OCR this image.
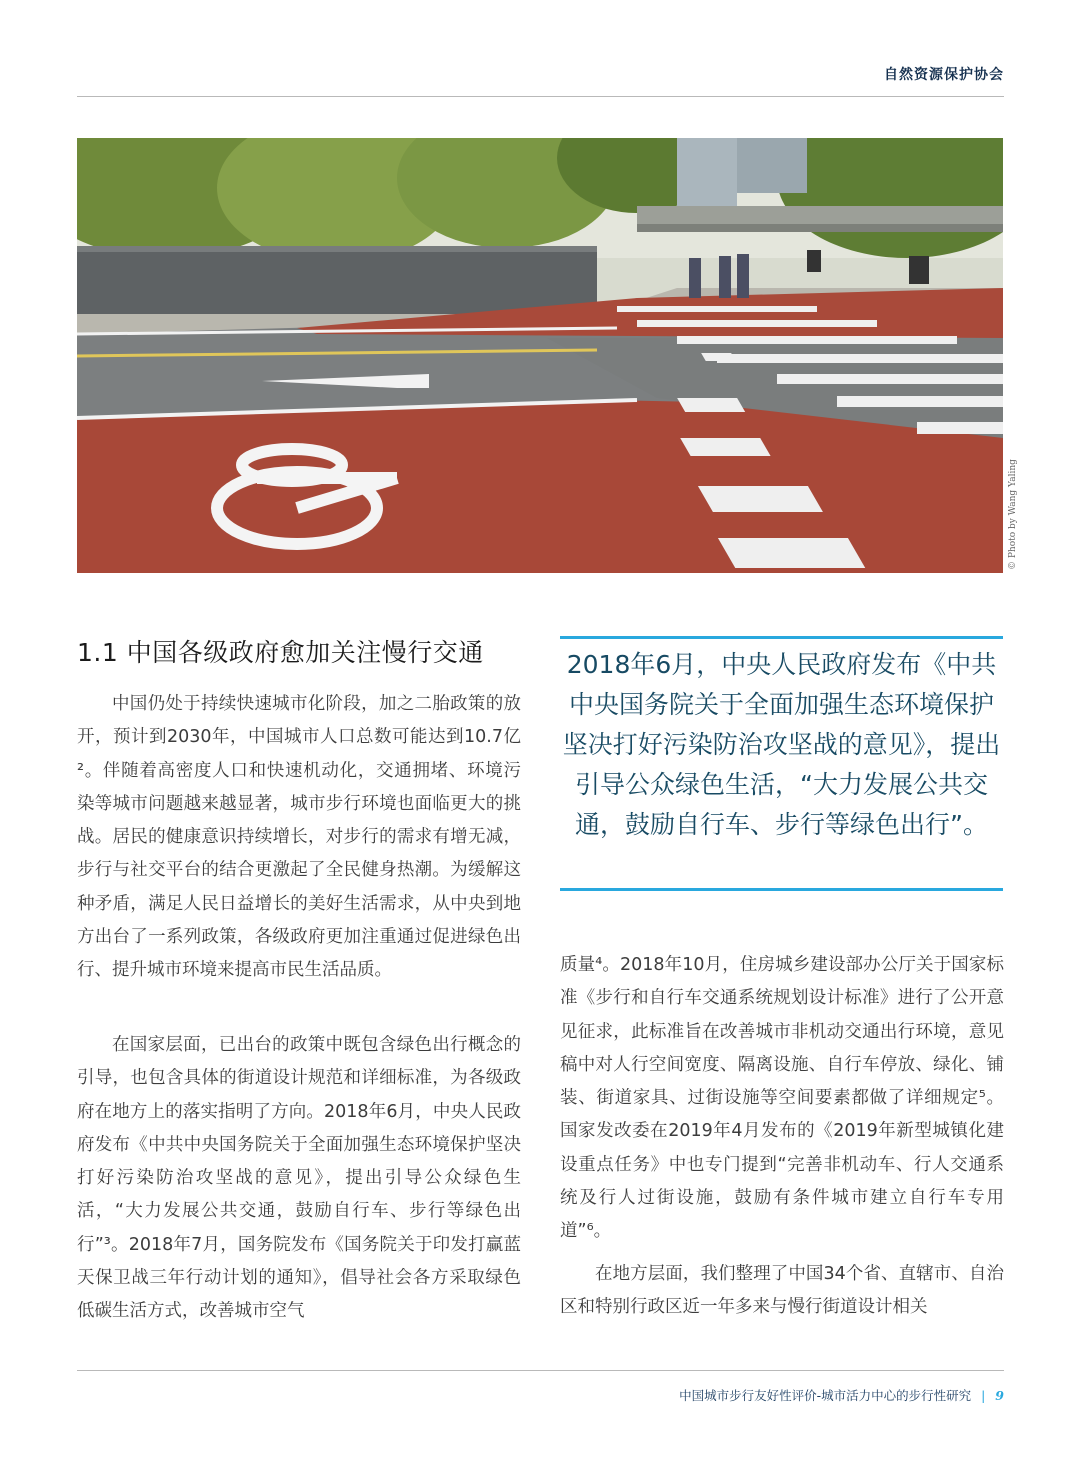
自然资源保护协会
© Photo by Wang Yaling
1.1 中国各级政府愈加关注慢行交通

中国仍处于持续快速城市化阶段，加之二胎政策的放开，预计到2030年，中国城市人口总数可能达到10.7亿²。伴随着高密度人口和快速机动化，交通拥堵、环境污染等城市问题越来越显著，城市步行环境也面临更大的挑战。居民的健康意识持续增长，对步行的需求有增无减，步行与社交平台的结合更激起了全民健身热潮。为缓解这种矛盾，满足人民日益增长的美好生活需求，从中央到地方出台了一系列政策，各级政府更加注重通过促进绿色出行、提升城市环境来提高市民生活品质。

在国家层面，已出台的政策中既包含绿色出行概念的引导，也包含具体的街道设计规范和详细标准，为各级政府在地方上的落实指明了方向。2018年6月，中央人民政府发布《中共中央国务院关于全面加强生态环境保护坚决打好污染防治攻坚战的意见》，提出引导公众绿色生活，“大力发展公共交通，鼓励自行车、步行等绿色出行”³。2018年7月，国务院发布《国务院关于印发打赢蓝天保卫战三年行动计划的通知》，倡导社会各方采取绿色低碳生活方式，改善城市空气

2018年6月，中央人民政府发布《中共中央国务院关于全面加强生态环境保护坚决打好污染防治攻坚战的意见》，提出引导公众绿色生活，“大力发展公共交通，鼓励自行车、步行等绿色出行”。

质量⁴。2018年10月，住房城乡建设部办公厅关于国家标准《步行和自行车交通系统规划设计标准》进行了公开意见征求，此标准旨在改善城市非机动交通出行环境，意见稿中对人行空间宽度、隔离设施、自行车停放、绿化、铺装、街道家具、过街设施等空间要素都做了详细规定⁵。国家发改委在2019年4月发布的《2019年新型城镇化建设重点任务》中也专门提到“完善非机动车、行人交通系统及行人过街设施，鼓励有条件城市建立自行车专用道”⁶。

在地方层面，我们整理了中国34个省、直辖市、自治区和特别行政区近一年多来与慢行街道设计相关

中国城市步行友好性评价-城市活力中心的步行性研究 | 9
